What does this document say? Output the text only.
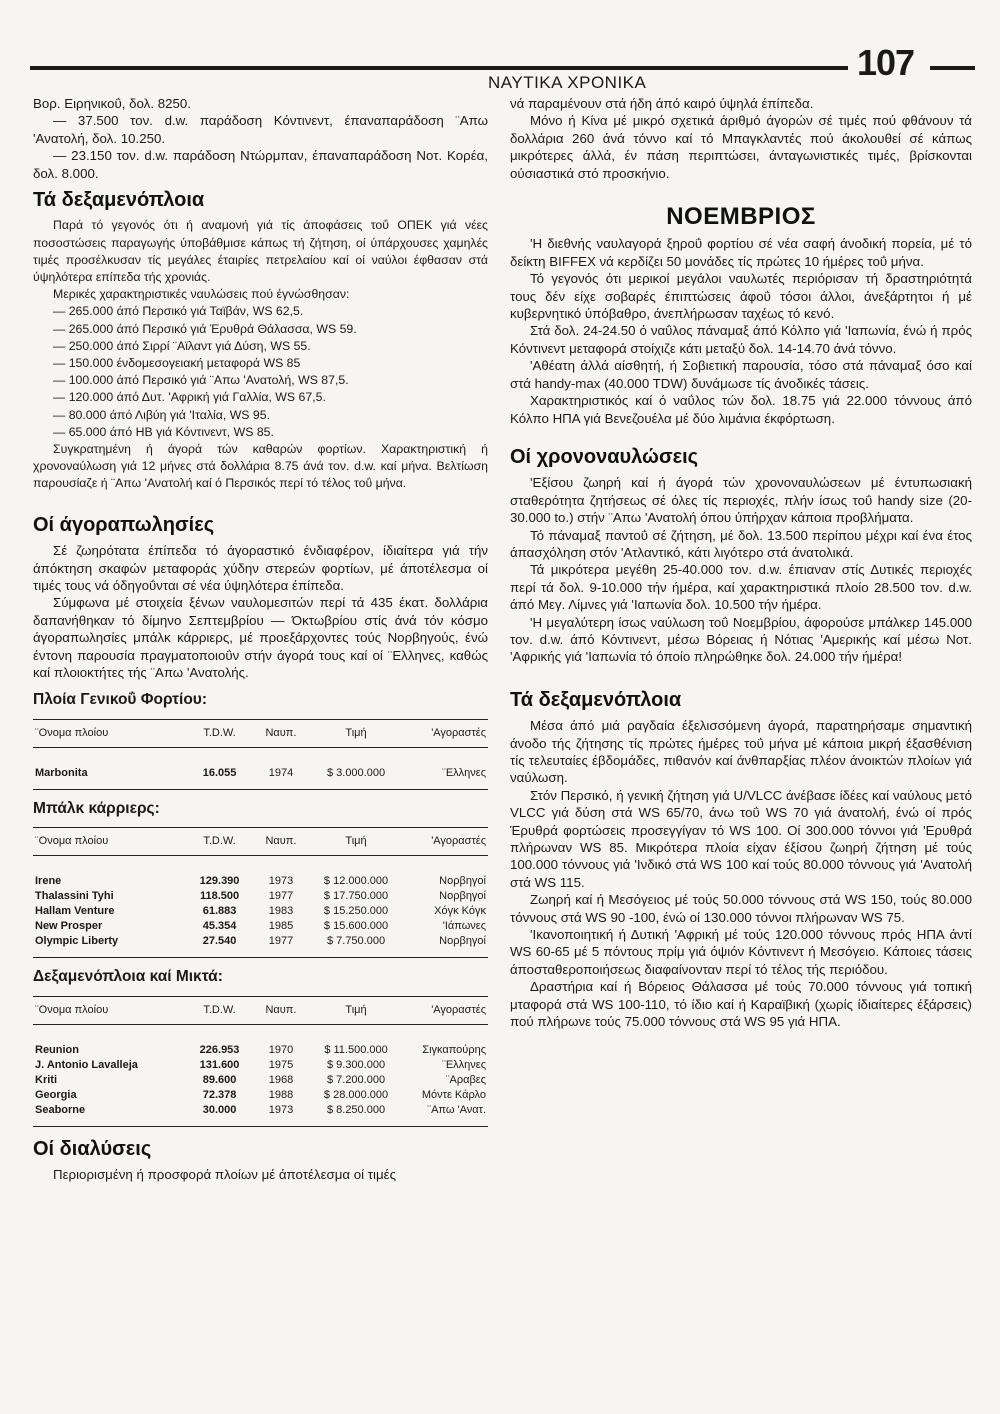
ΝΑΥΤΙΚΑ ΧΡΟΝΙΚΑ	107

Βορ. Ειρηνικοΰ, δολ. 8250.

— 37.500 τον. d.w. παράδοση Κόντινεντ, έπαναπαράδοση ¨Απω 'Ανατολή, δολ. 10.250.

— 23.150 τον. d.w. παράδοση Ντώρμπαν, έπαναπαράδοση Νοτ. Κορέα, δολ. 8.000.

Τά δεξαμενόπλοια

Παρά τό γεγονός ότι ή αναμονή γιά τίς άποφάσεις τοΰ ΟΠΕΚ γιά νέες ποσοστώσεις παραγωγής ύποβάθμισε κάπως τή ζήτηση, οί ύπάρχουσες χαμηλές τιμές προσέλκυσαν τίς μεγάλες έταιρίες πετρελαίου καί οί ναύλοι έφθασαν στά ύψηλότερα επίπεδα τής χρονιάς.

Μερικές χαρακτηριστικές ναυλώσεις πού έγνώσθησαν:

— 265.000 άπό Περσικό γιά Ταϊβάν, WS 62,5.

— 265.000 άπό Περσικό γιά Έρυθρά Θάλασσα, WS 59.

— 250.000 άπό Σιρρί ¨Αϊλαντ γιά Δύση, WS 55.

— 150.000 ένδομεσογειακή μεταφορά WS 85

— 100.000 άπό Περσικό γιά ¨Απω 'Ανατολή, WS 87,5.

— 120.000 άπό Δυτ. 'Αφρική γιά Γαλλία, WS 67,5.

— 80.000 άπό Λιβύη γιά 'Ιταλία, WS 95.

— 65.000 άπό ΗΒ γιά Κόντινεντ, WS 85.

Συγκρατημένη ή άγορά τών καθαρών φορτίων. Χαρακτηριστική ή χρονοναύλωση γιά 12 μήνες στά δολλάρια 8.75 άνά τον. d.w. καί μήνα. Βελτίωση παρουσίαζε ή ¨Απω 'Ανατολή καί ό Περσικός περί τό τέλος τοΰ μήνα.

Οί άγοραπωλησίες

Σέ ζωηρότατα έπίπεδα τό άγοραστικό ένδιαφέρον, ίδιαίτερα γιά τήν άπόκτηση σκαφών μεταφοράς χύδην στερεών φορτίων, μέ άποτέλεσμα οί τιμές τους νά όδηγοΰνται σέ νέα ύψηλότερα έπίπεδα.

Σύμφωνα μέ στοιχεία ξένων ναυλομεσιτών περί τά 435 έκατ. δολλάρια δαπανήθηκαν τό δίμηνο Σεπτεμβρίου — Όκτωβρίου στίς άνά τόν κόσμο άγοραπωλησίες μπάλκ κάρριερς, μέ προεξάρχοντες τούς Νορβηγούς, ένώ έντονη παρουσία πραγματοποιοΰν στήν άγορά τους καί οί ¨Ελληνες, καθώς καί πλοιοκτήτες τής ¨Απω 'Ανατολής.

Πλοία Γενικοΰ Φορτίου:
¨Ονομα πλοίου	T.D.W.	Ναυπ.	Τιμή	'Αγοραστές
Marbonita	16.055	1974	$ 3.000.000	¨Ελληνες
Μπάλκ κάρριερς:
¨Ονομα πλοίου	T.D.W.	Ναυπ.	Τιμή	'Αγοραστές
Irene	129.390	1973	$ 12.000.000	Νορβηγοί
Thalassini Tyhi	118.500	1977	$ 17.750.000	Νορβηγοί
Hallam Venture	61.883	1983	$ 15.250.000	Χόγκ Κόγκ
New Prosper	45.354	1985	$ 15.600.000	'Ιάπωνες
Olympic Liberty	27.540	1977	$ 7.750.000	Νορβηγοί
Δεξαμενόπλοια καί Μικτά:
¨Ονομα πλοίου	T.D.W.	Ναυπ.	Τιμή	'Αγοραστές
Reunion	226.953	1970	$ 11.500.000	Σιγκαπούρης
J. Antonio Lavalleja	131.600	1975	$ 9.300.000	¨Ελληνες
Kriti	89.600	1968	$ 7.200.000	¨Αραβες
Georgia	72.378	1988	$ 28.000.000	Μόντε Κάρλο
Seaborne	30.000	1973	$ 8.250.000	¨Απω 'Ανατ.
Οί διαλύσεις

Περιορισμένη ή προσφορά πλοίων μέ άποτέλεσμα οί τιμές

νά παραμένουν στά ήδη άπό καιρό ύψηλά έπίπεδα.

Μόνο ή Κίνα μέ μικρό σχετικά άριθμό άγορών σέ τιμές πού φθάνουν τά δολλάρια 260 άνά τόννο καί τό Μπαγκλαντές πού άκολουθεί σέ κάπως μικρότερες άλλά, έν πάση περιπτώσει, άνταγωνιστικές τιμές, βρίσκονται ούσιαστικά στό προσκήνιο.

ΝΟΕΜΒΡΙΟΣ

'Η διεθνής ναυλαγορά ξηροΰ φορτίου σέ νέα σαφή άνοδική πορεία, μέ τό δείκτη BIFFEX νά κερδίζει 50 μονάδες τίς πρώτες 10 ήμέρες τοΰ μήνα.

Τό γεγονός ότι μερικοί μεγάλοι ναυλωτές περιόρισαν τή δραστηριότητά τους δέν είχε σοβαρές έπιπτώσεις άφοΰ τόσοι άλλοι, άνεξάρτητοι ή μέ κυβερνητικό ύπόβαθρο, άνεπλήρωσαν ταχέως τό κενό.

Στά δολ. 24-24.50 ό ναΰλος πάναμαξ άπό Κόλπο γιά 'Ιαπωνία, ένώ ή πρός Κόντινεντ μεταφορά στοίχιζε κάτι μεταξύ δολ. 14-14.70 άνά τόννο.

'Αθέατη άλλά αίσθητή, ή Σοβιετική παρουσία, τόσο στά πάναμαξ όσο καί στά handy-max (40.000 TDW) δυνάμωσε τίς άνοδικές τάσεις.

Χαρακτηριστικός καί ό ναΰλος τών δολ. 18.75 γιά 22.000 τόννους άπό Κόλπο ΗΠΑ γιά Βενεζουέλα μέ δύο λιμάνια έκφόρτωση.

Οί χρονοναυλώσεις

'Εξίσου ζωηρή καί ή άγορά τών χρονοναυλώσεων μέ έντυπωσιακή σταθερότητα ζητήσεως σέ όλες τίς περιοχές, πλήν ίσως τοΰ handy size (20-30.000 to.) στήν ¨Απω 'Ανατολή όπου ύπήρχαν κάποια προβλήματα.

Τό πάναμαξ παντοΰ σέ ζήτηση, μέ δολ. 13.500 περίπου μέχρι καί ένα έτος άπασχόληση στόν 'Ατλαντικό, κάτι λιγότερο στά άνατολικά.

Τά μικρότερα μεγέθη 25-40.000 τον. d.w. έπιαναν στίς Δυτικές περιοχές περί τά δολ. 9-10.000 τήν ήμέρα, καί χαρακτηριστικά πλοίο 28.500 τον. d.w. άπό Μεγ. Λίμνες γιά 'Ιαπωνία δολ. 10.500 τήν ήμέρα.

'Η μεγαλύτερη ίσως ναύλωση τοΰ Νοεμβρίου, άφορούσε μπάλκερ 145.000 τον. d.w. άπό Κόντινεντ, μέσω Βόρειας ή Νότιας 'Αμερικής καί μέσω Νοτ. 'Αφρικής γιά 'Ιαπωνία τό όποίο πληρώθηκε δολ. 24.000 τήν ήμέρα!

Τά δεξαμενόπλοια

Μέσα άπό μιά ραγδαία έξελισσόμενη άγορά, παρατηρήσαμε σημαντική άνοδο τής ζήτησης τίς πρώτες ήμέρες τοΰ μήνα μέ κάποια μικρή έξασθένιση τίς τελευταίες έβδομάδες, πιθανόν καί άνθπαρξίας πλέον άνοικτών πλοίων γιά ναύλωση.

Στόν Περσικό, ή γενική ζήτηση γιά U/VLCC άνέβασε ίδέες καί ναύλους μετό VLCC γιά δύση στά WS 65/70, άνω τοΰ WS 70 γιά άνατολή, ένώ οί πρός Έρυθρά φορτώσεις προσεγγίγαν τό WS 100. Οί 300.000 τόννοι γιά 'Ερυθρά πλήρωναν WS 85. Μικρότερα πλοία είχαν έξίσου ζωηρή ζήτηση μέ τούς 100.000 τόννους γιά 'Ινδικό στά WS 100 καί τούς 80.000 τόννους γιά 'Ανατολή στά WS 115.

Ζωηρή καί ή Μεσόγειος μέ τούς 50.000 τόννους στά WS 150, τούς 80.000 τόννους στά WS 90 -100, ένώ οί 130.000 τόννοι πλήρωναν WS 75.

'Ικανοποιητική ή Δυτική 'Αφρική μέ τούς 120.000 τόννους πρός ΗΠΑ άντί WS 60-65 μέ 5 πόντους πρίμ γιά όψιόν Κόντινεντ ή Μεσόγειο. Κάποιες τάσεις άποσταθεροποιήσεως διαφαίνονταν περί τό τέλος τής περιόδου.

Δραστήρια καί ή Βόρειος Θάλασσα μέ τούς 70.000 τόννους γιά τοπική μταφορά στά WS 100-110, τό ίδιο καί ή Καραϊβική (χωρίς ίδιαίτερες έξάρσεις) πού πλήρωνε τούς 75.000 τόννους στά WS 95 γιά ΗΠΑ.
